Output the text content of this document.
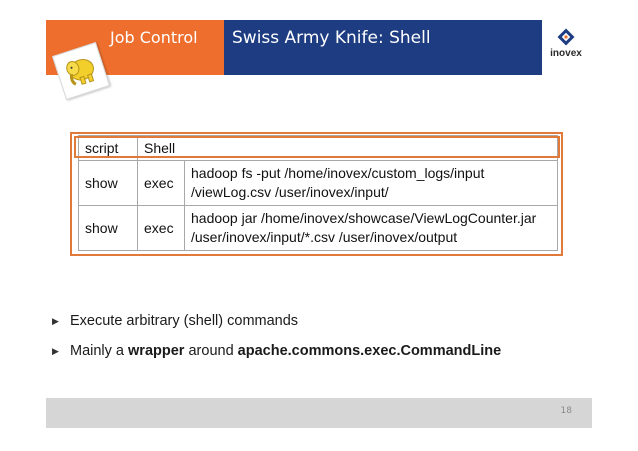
Job Control Swiss Army Knife: Shell
inovex
script	Shell	
show	exec	hadoop fs -put /home/inovex/custom_logs/input
/viewLog.csv /user/inovex/input/

show	exec	hadoop jar /home/inovex/showcase/ViewLogCounter.jar
/user/inovex/input/*.csv /user/inovex/output
▶ Execute arbitrary (shell) commands
▶ Mainly a wrapper around apache.commons.exec.CommandLine
18
